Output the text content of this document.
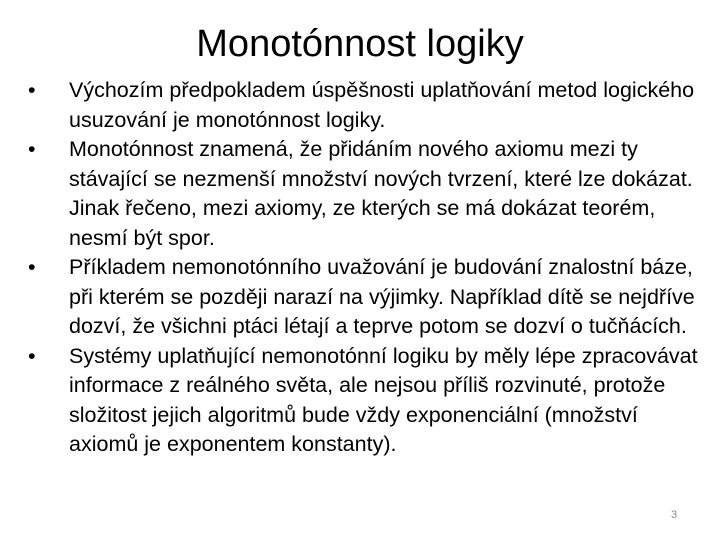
Monotónnost logiky
•	Výchozím předpokladem úspěšnosti uplatňování metod logického usuzování je monotónnost logiky.
•	Monotónnost znamená, že přidáním nového axiomu mezi ty stávající se nezmenší množství nových tvrzení, které lze dokázat. Jinak řečeno, mezi axiomy, ze kterých se má dokázat teorém, nesmí být spor.
•	Příkladem nemonotónního uvažování je budování znalostní báze, při kterém se později narazí na výjimky. Například dítě se nejdříve dozví, že všichni ptáci létají a teprve potom se dozví o tučňácích.
•	Systémy uplatňující nemonotónní logiku by měly lépe zpracovávat informace z reálného světa, ale nejsou příliš rozvinuté, protože složitost jejich algoritmů bude vždy exponenciální (množství axiomů je exponentem konstanty).
3
